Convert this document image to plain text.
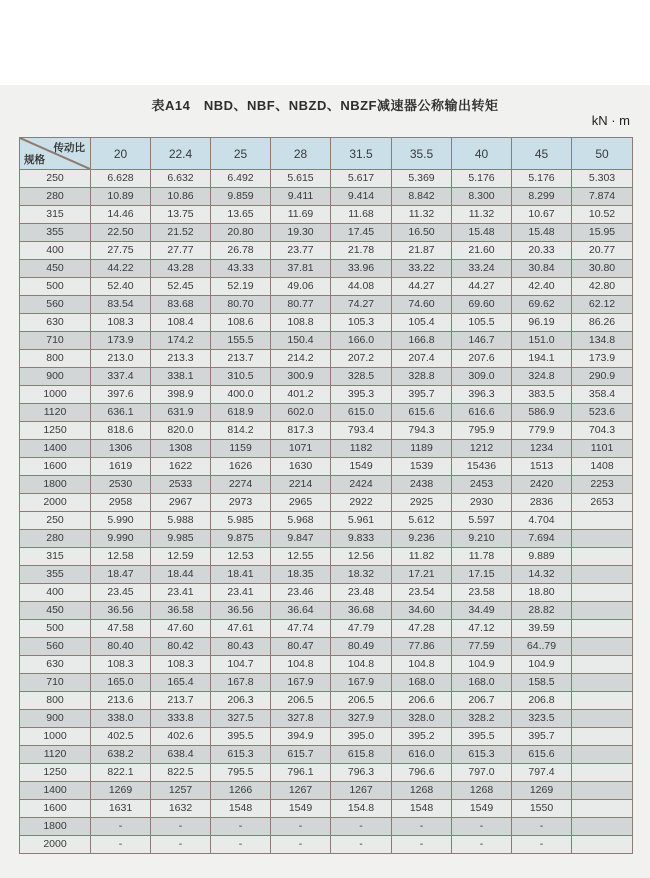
表A14　NBD、NBF、NBZD、NBZF减速器公称输出转矩
kN · m
传动比
规格	20	22.4	25	28	31.5	35.5	40	45	50
250	6.628	6.632	6.492	5.615	5.617	5.369	5.176	5.176	5.303
280	10.89	10.86	9.859	9.411	9.414	8.842	8.300	8.299	7.874
315	14.46	13.75	13.65	11.69	11.68	11.32	11.32	10.67	10.52
355	22.50	21.52	20.80	19.30	17.45	16.50	15.48	15.48	15.95
400	27.75	27.77	26.78	23.77	21.78	21.87	21.60	20.33	20.77
450	44.22	43.28	43.33	37.81	33.96	33.22	33.24	30.84	30.80
500	52.40	52.45	52.19	49.06	44.08	44.27	44.27	42.40	42.80
560	83.54	83.68	80.70	80.77	74.27	74.60	69.60	69.62	62.12
630	108.3	108.4	108.6	108.8	105.3	105.4	105.5	96.19	86.26
710	173.9	174.2	155.5	150.4	166.0	166.8	146.7	151.0	134.8
800	213.0	213.3	213.7	214.2	207.2	207.4	207.6	194.1	173.9
900	337.4	338.1	310.5	300.9	328.5	328.8	309.0	324.8	290.9
1000	397.6	398.9	400.0	401.2	395.3	395.7	396.3	383.5	358.4
1120	636.1	631.9	618.9	602.0	615.0	615.6	616.6	586.9	523.6
1250	818.6	820.0	814.2	817.3	793.4	794.3	795.9	779.9	704.3
1400	1306	1308	1159	1071	1182	1189	1212	1234	1101
1600	1619	1622	1626	1630	1549	1539	15436	1513	1408
1800	2530	2533	2274	2214	2424	2438	2453	2420	2253
2000	2958	2967	2973	2965	2922	2925	2930	2836	2653
250	5.990	5.988	5.985	5.968	5.961	5.612	5.597	4.704	
280	9.990	9.985	9.875	9.847	9.833	9.236	9.210	7.694	
315	12.58	12.59	12.53	12.55	12.56	11.82	11.78	9.889	
355	18.47	18.44	18.41	18.35	18.32	17.21	17.15	14.32	
400	23.45	23.41	23.41	23.46	23.48	23.54	23.58	18.80	
450	36.56	36.58	36.56	36.64	36.68	34.60	34.49	28.82	
500	47.58	47.60	47.61	47.74	47.79	47.28	47.12	39.59	
560	80.40	80.42	80.43	80.47	80.49	77.86	77.59	64..79	
630	108.3	108.3	104.7	104.8	104.8	104.8	104.9	104.9	
710	165.0	165.4	167.8	167.9	167.9	168.0	168.0	158.5	
800	213.6	213.7	206.3	206.5	206.5	206.6	206.7	206.8	
900	338.0	333.8	327.5	327.8	327.9	328.0	328.2	323.5	
1000	402.5	402.6	395.5	394.9	395.0	395.2	395.5	395.7	
1120	638.2	638.4	615.3	615.7	615.8	616.0	615.3	615.6	
1250	822.1	822.5	795.5	796.1	796.3	796.6	797.0	797.4	
1400	1269	1257	1266	1267	1267	1268	1268	1269	
1600	1631	1632	1548	1549	154.8	1548	1549	1550	
1800	-	-	-	-	-	-	-	-	
2000	-	-	-	-	-	-	-	-	
